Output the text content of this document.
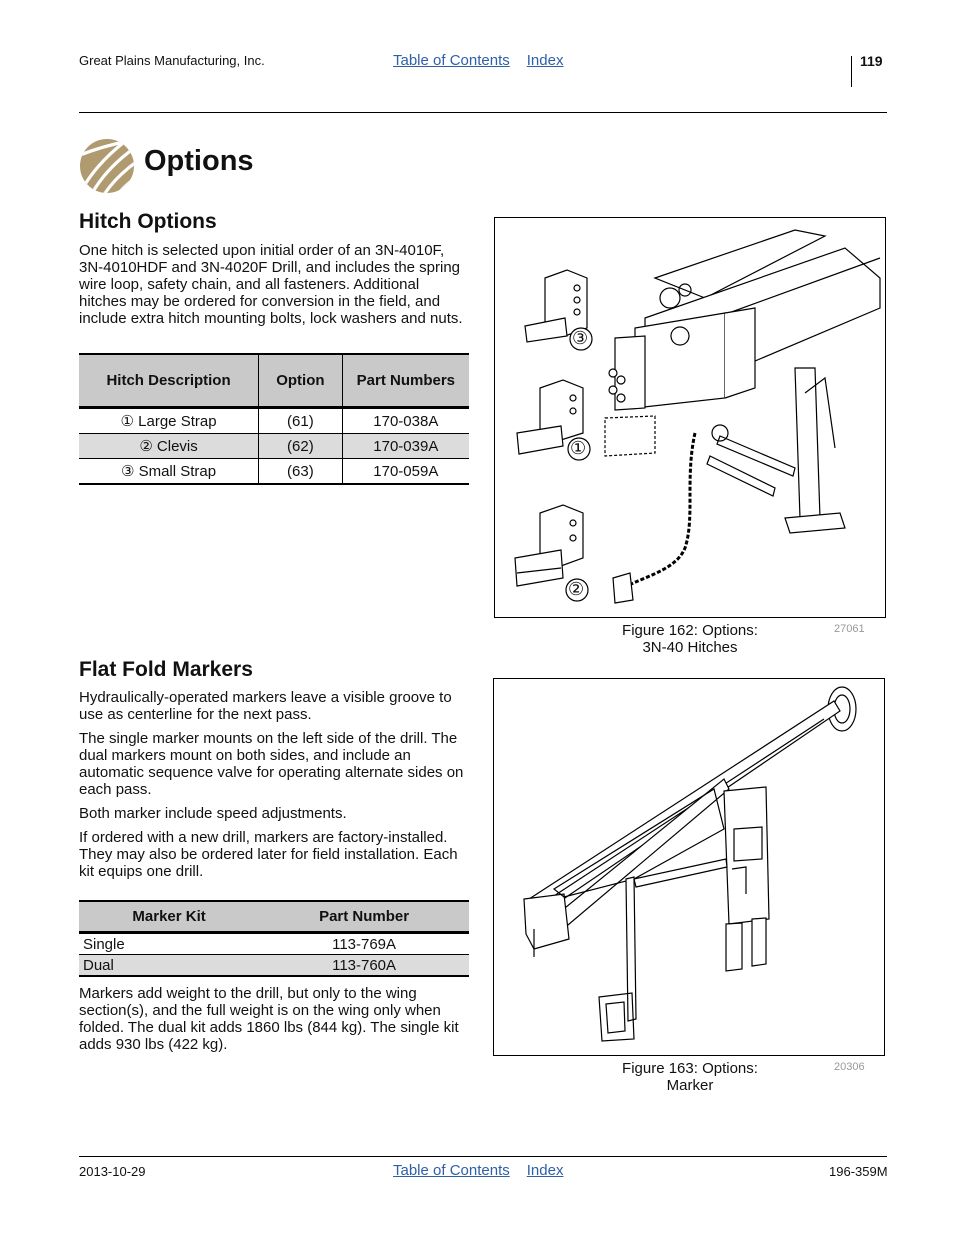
Great Plains Manufacturing, Inc.	Table of Contents Index	119
Options
Hitch Options

One hitch is selected upon initial order of an 3N-4010F, 3N-4010HDF and 3N-4020F Drill, and includes the spring wire loop, safety chain, and all fasteners. Additional hitches may be ordered for conversion in the field, and include extra hitch mounting bolts, lock washers and nuts.

Hitch Description	Option	Part Numbers
① Large Strap	(61)	170-038A
② Clevis	(62)	170-039A
③ Small Strap	(63)	170-059A
③
①
②
Figure 162: Options:
3N-40 Hitches
27061
Flat Fold Markers

Hydraulically-operated markers leave a visible groove to use as centerline for the next pass.

The single marker mounts on the left side of the drill. The dual markers mount on both sides, and include an automatic sequence valve for operating alternate sides on each pass.

Both marker include speed adjustments.

If ordered with a new drill, markers are factory-installed. They may also be ordered later for field installation. Each kit equips one drill.

Marker Kit	Part Number
Single	113-769A
Dual	113-760A

Markers add weight to the drill, but only to the wing section(s), and the full weight is on the wing only when folded. The dual kit adds 1860 lbs (844 kg). The single kit adds 930 lbs (422 kg).

Figure 163: Options:
Marker
20306
2013-10-29	Table of Contents Index	196-359M
